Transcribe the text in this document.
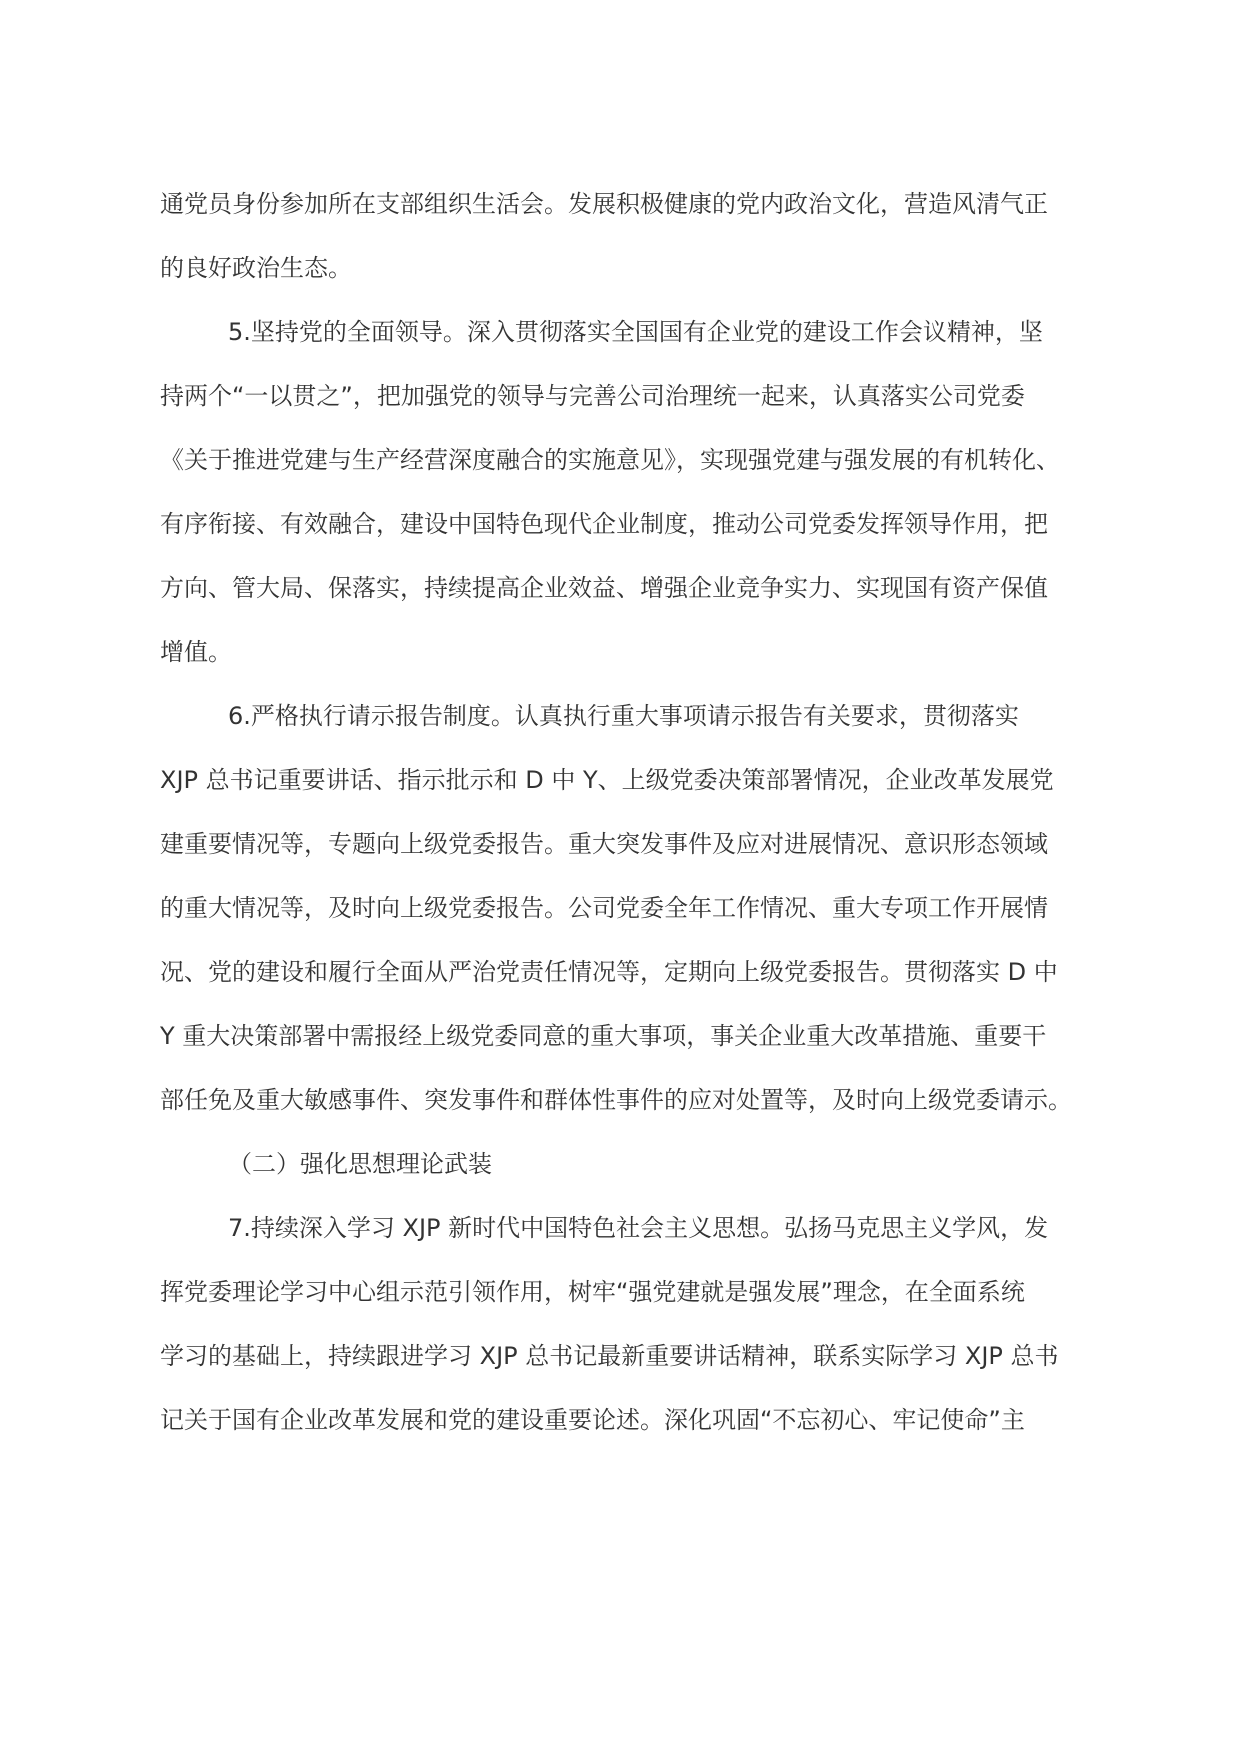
通党员身份参加所在支部组织生活会。发展积极健康的党内政治文化，营造风清气正
的良好政治生态。
5.坚持党的全面领导。深入贯彻落实全国国有企业党的建设工作会议精神，坚
持两个“一以贯之”，把加强党的领导与完善公司治理统一起来，认真落实公司党委
《关于推进党建与生产经营深度融合的实施意见》，实现强党建与强发展的有机转化、
有序衔接、有效融合，建设中国特色现代企业制度，推动公司党委发挥领导作用，把
方向、管大局、保落实，持续提高企业效益、增强企业竞争实力、实现国有资产保值
增值。
6.严格执行请示报告制度。认真执行重大事项请示报告有关要求，贯彻落实
XJP 总书记重要讲话、指示批示和 D 中 Y、上级党委决策部署情况，企业改革发展党
建重要情况等，专题向上级党委报告。重大突发事件及应对进展情况、意识形态领域
的重大情况等，及时向上级党委报告。公司党委全年工作情况、重大专项工作开展情
况、党的建设和履行全面从严治党责任情况等，定期向上级党委报告。贯彻落实 D 中
Y 重大决策部署中需报经上级党委同意的重大事项，事关企业重大改革措施、重要干
部任免及重大敏感事件、突发事件和群体性事件的应对处置等，及时向上级党委请示。
（二）强化思想理论武装
7.持续深入学习 XJP 新时代中国特色社会主义思想。弘扬马克思主义学风，发
挥党委理论学习中心组示范引领作用，树牢“强党建就是强发展”理念，在全面系统
学习的基础上，持续跟进学习 XJP 总书记最新重要讲话精神，联系实际学习 XJP 总书
记关于国有企业改革发展和党的建设重要论述。深化巩固“不忘初心、牢记使命”主
